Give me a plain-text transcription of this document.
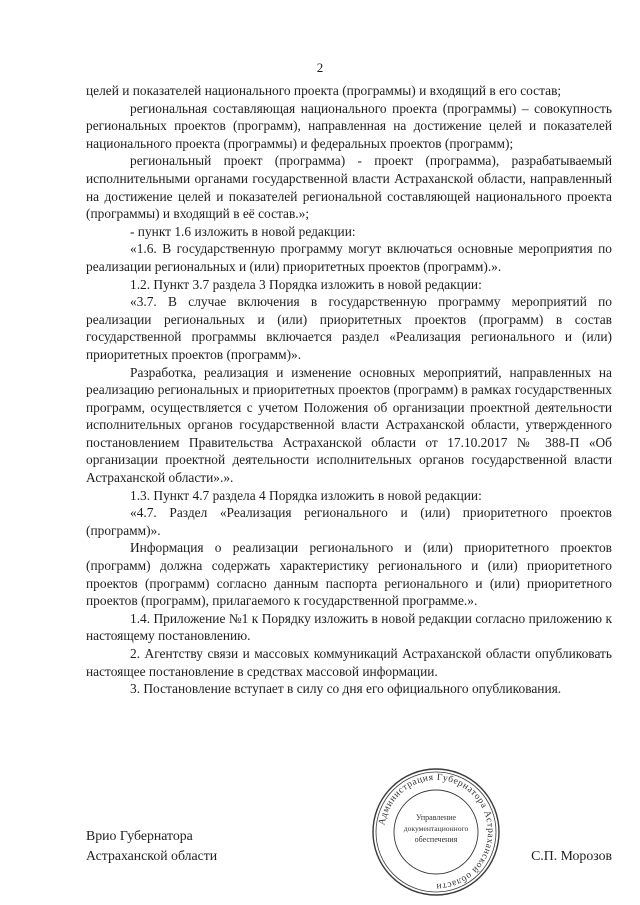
2

целей и показателей национального проекта (программы) и входящий в его состав;

региональная составляющая национального проекта (программы) – совокупность региональных проектов (программ), направленная на достижение целей и показателей национального проекта (программы) и федеральных проектов (программ);

региональный проект (программа) - проект (программа), разрабатываемый исполнительными органами государственной власти Астраханской области, направленный на достижение целей и показателей региональной составляющей национального проекта (программы) и входящий в её состав.»;

- пункт 1.6 изложить в новой редакции:

«1.6. В государственную программу могут включаться основные мероприятия по реализации региональных и (или) приоритетных проектов (программ).».

1.2. Пункт 3.7 раздела 3 Порядка изложить в новой редакции:

«3.7. В случае включения в государственную программу мероприятий по реализации региональных и (или) приоритетных проектов (программ) в состав государственной программы включается раздел «Реализация регионального и (или) приоритетных проектов (программ)».

Разработка, реализация и изменение основных мероприятий, направленных на реализацию региональных и приоритетных проектов (программ) в рамках государственных программ, осуществляется с учетом Положения об организации проектной деятельности исполнительных органов государственной власти Астраханской области, утвержденного постановлением Правительства Астраханской области от 17.10.2017 № 388-П «Об организации проектной деятельности исполнительных органов государственной власти Астраханской области».».

1.3. Пункт 4.7 раздела 4 Порядка изложить в новой редакции:

«4.7. Раздел «Реализация регионального и (или) приоритетного проектов (программ)».

Информация о реализации регионального и (или) приоритетного проектов (программ) должна содержать характеристику регионального и (или) приоритетного проектов (программ) согласно данным паспорта регионального и (или) приоритетного проектов (программ), прилагаемого к государственной программе.».

1.4. Приложение №1 к Порядку изложить в новой редакции согласно приложению к настоящему постановлению.

2. Агентству связи и массовых коммуникаций Астраханской области опубликовать настоящее постановление в средствах массовой информации.

3. Постановление вступает в силу со дня его официального опубликования.

Врио Губернатора

Астраханской области	С.П. Морозов

Администрация Губернатора Астраханской области
Управление
документационного
обеспечения
